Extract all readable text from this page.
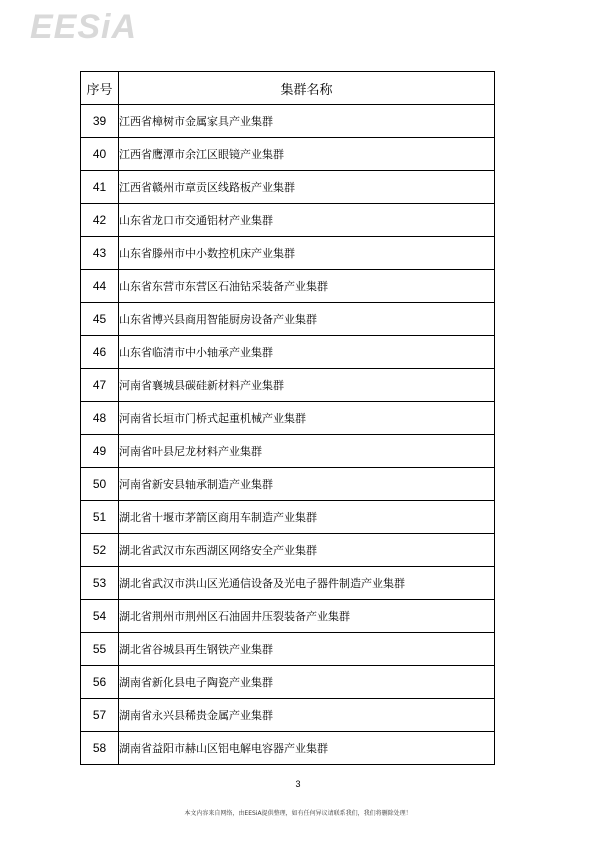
EESiA
序号	集群名称
39	江西省樟树市金属家具产业集群
40	江西省鹰潭市余江区眼镜产业集群
41	江西省赣州市章贡区线路板产业集群
42	山东省龙口市交通铝材产业集群
43	山东省滕州市中小数控机床产业集群
44	山东省东营市东营区石油钻采装备产业集群
45	山东省博兴县商用智能厨房设备产业集群
46	山东省临清市中小轴承产业集群
47	河南省襄城县碳硅新材料产业集群
48	河南省长垣市门桥式起重机械产业集群
49	河南省叶县尼龙材料产业集群
50	河南省新安县轴承制造产业集群
51	湖北省十堰市茅箭区商用车制造产业集群
52	湖北省武汉市东西湖区网络安全产业集群
53	湖北省武汉市洪山区光通信设备及光电子器件制造产业集群
54	湖北省荆州市荆州区石油固井压裂装备产业集群
55	湖北省谷城县再生钢铁产业集群
56	湖南省新化县电子陶瓷产业集群
57	湖南省永兴县稀贵金属产业集群
58	湖南省益阳市赫山区铝电解电容器产业集群
3
本文内容来自网络，由EESiA提供整理，如有任何异议请联系我们，我们将删除处理！
